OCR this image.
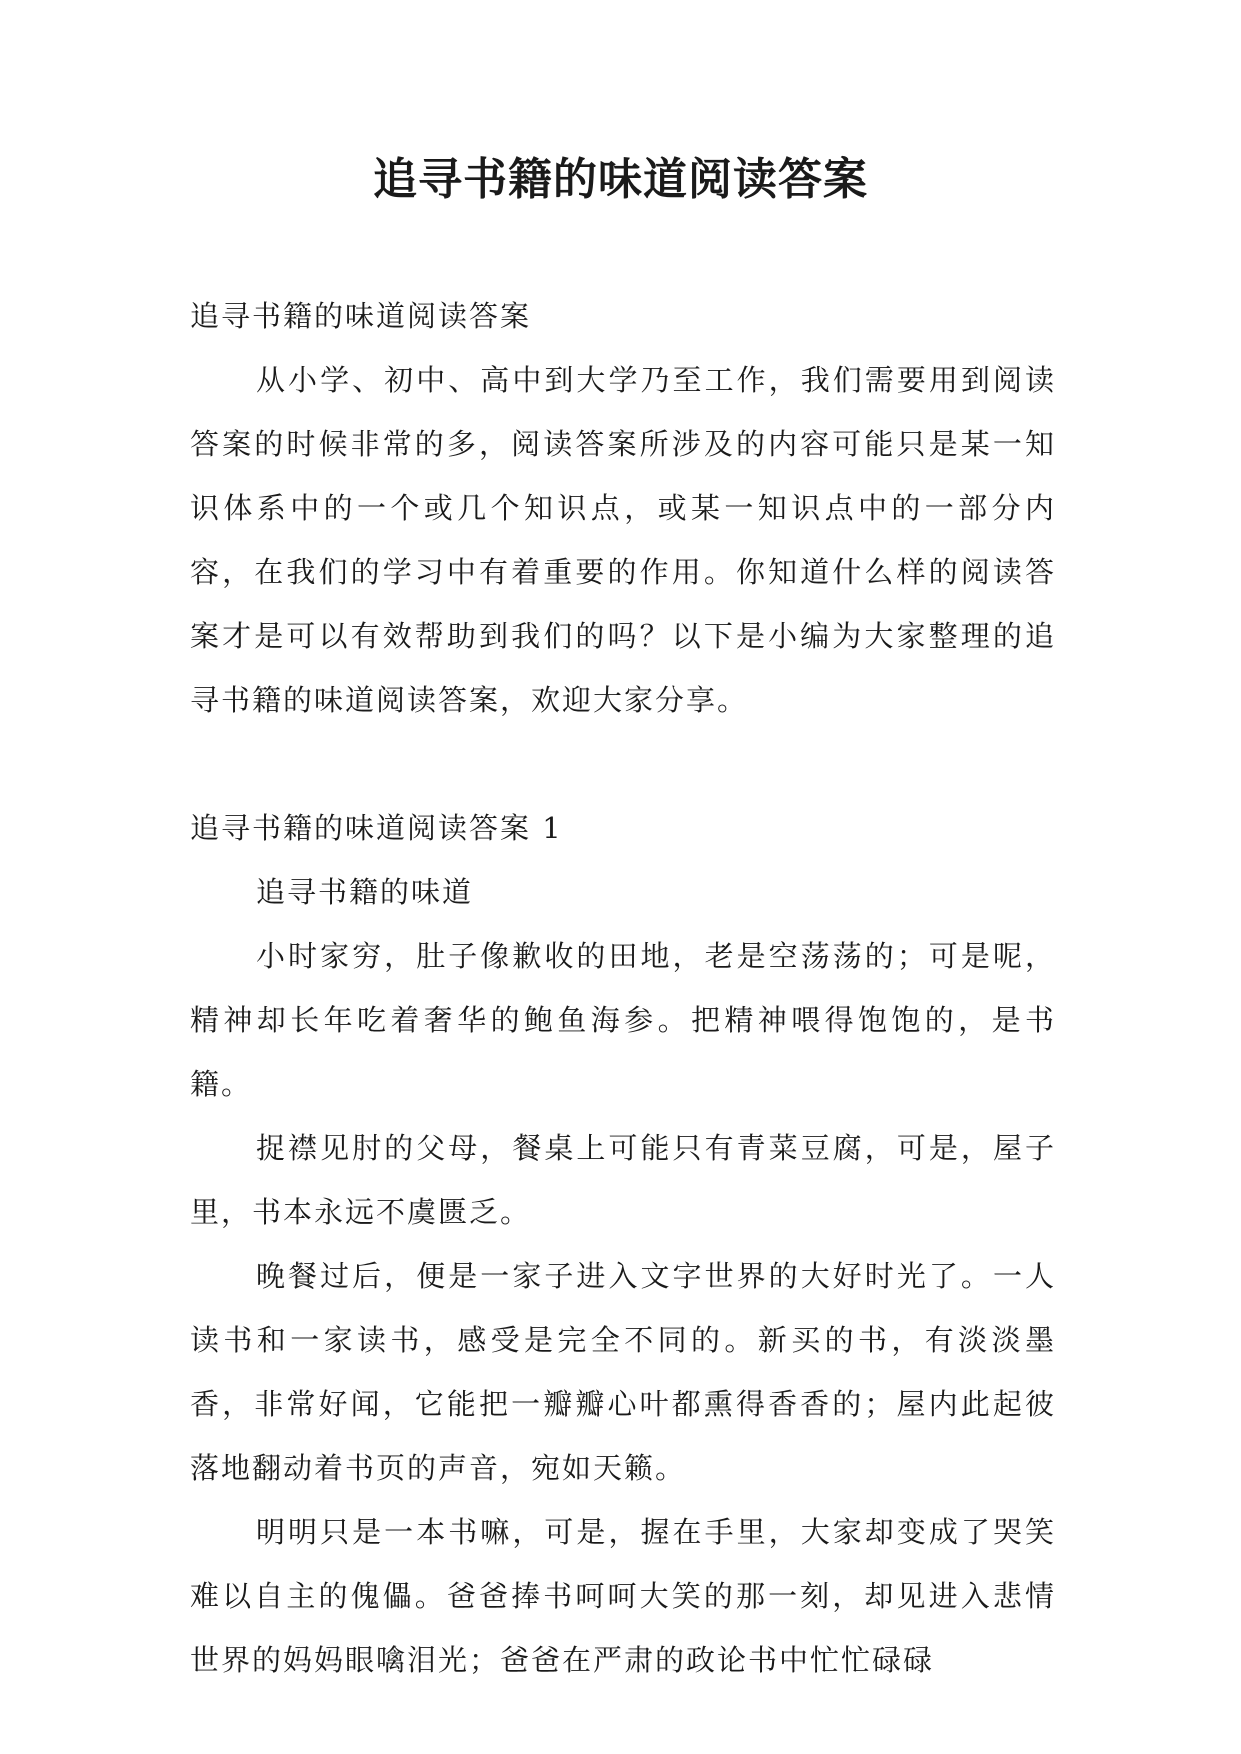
追寻书籍的味道阅读答案

追寻书籍的味道阅读答案

从小学、初中、高中到大学乃至工作，我们需要用到阅读答案的时候非常的多，阅读答案所涉及的内容可能只是某一知识体系中的一个或几个知识点，或某一知识点中的一部分内容，在我们的学习中有着重要的作用。你知道什么样的阅读答案才是可以有效帮助到我们的吗？以下是小编为大家整理的追寻书籍的味道阅读答案，欢迎大家分享。

追寻书籍的味道阅读答案 1

追寻书籍的味道

小时家穷，肚子像歉收的田地，老是空荡荡的；可是呢，精神却长年吃着奢华的鲍鱼海参。把精神喂得饱饱的，是书籍。

捉襟见肘的父母，餐桌上可能只有青菜豆腐，可是，屋子里，书本永远不虞匮乏。

晚餐过后，便是一家子进入文字世界的大好时光了。一人读书和一家读书，感受是完全不同的。新买的书，有淡淡墨香，非常好闻，它能把一瓣瓣心叶都熏得香香的；屋内此起彼落地翻动着书页的声音，宛如天籁。

明明只是一本书嘛，可是，握在手里，大家却变成了哭笑难以自主的傀儡。爸爸捧书呵呵大笑的那一刻，却见进入悲情世界的妈妈眼噙泪光；爸爸在严肃的政论书中忙忙碌碌
